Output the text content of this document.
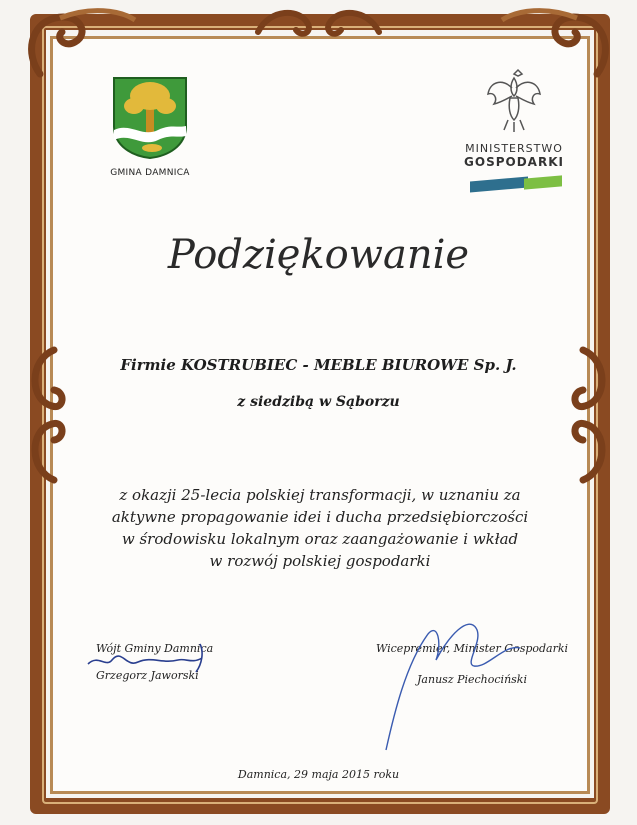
GMINA DAMNICA
MINISTERSTWO
GOSPODARKI
Podziękowanie
Firmie KOSTRUBIEC - MEBLE BIUROWE Sp. J.
z siedzibą w Sąborzu
z okazji 25-lecia polskiej transformacji, w uznaniu za
aktywne propagowanie idei i ducha przedsiębiorczości
w środowisku lokalnym oraz zaangażowanie i wkład
w rozwój polskiej gospodarki
Wójt Gminy Damnica
Grzegorz Jaworski
Wicepremier, Minister Gospodarki
Janusz Piechociński
Damnica, 29 maja 2015 roku
